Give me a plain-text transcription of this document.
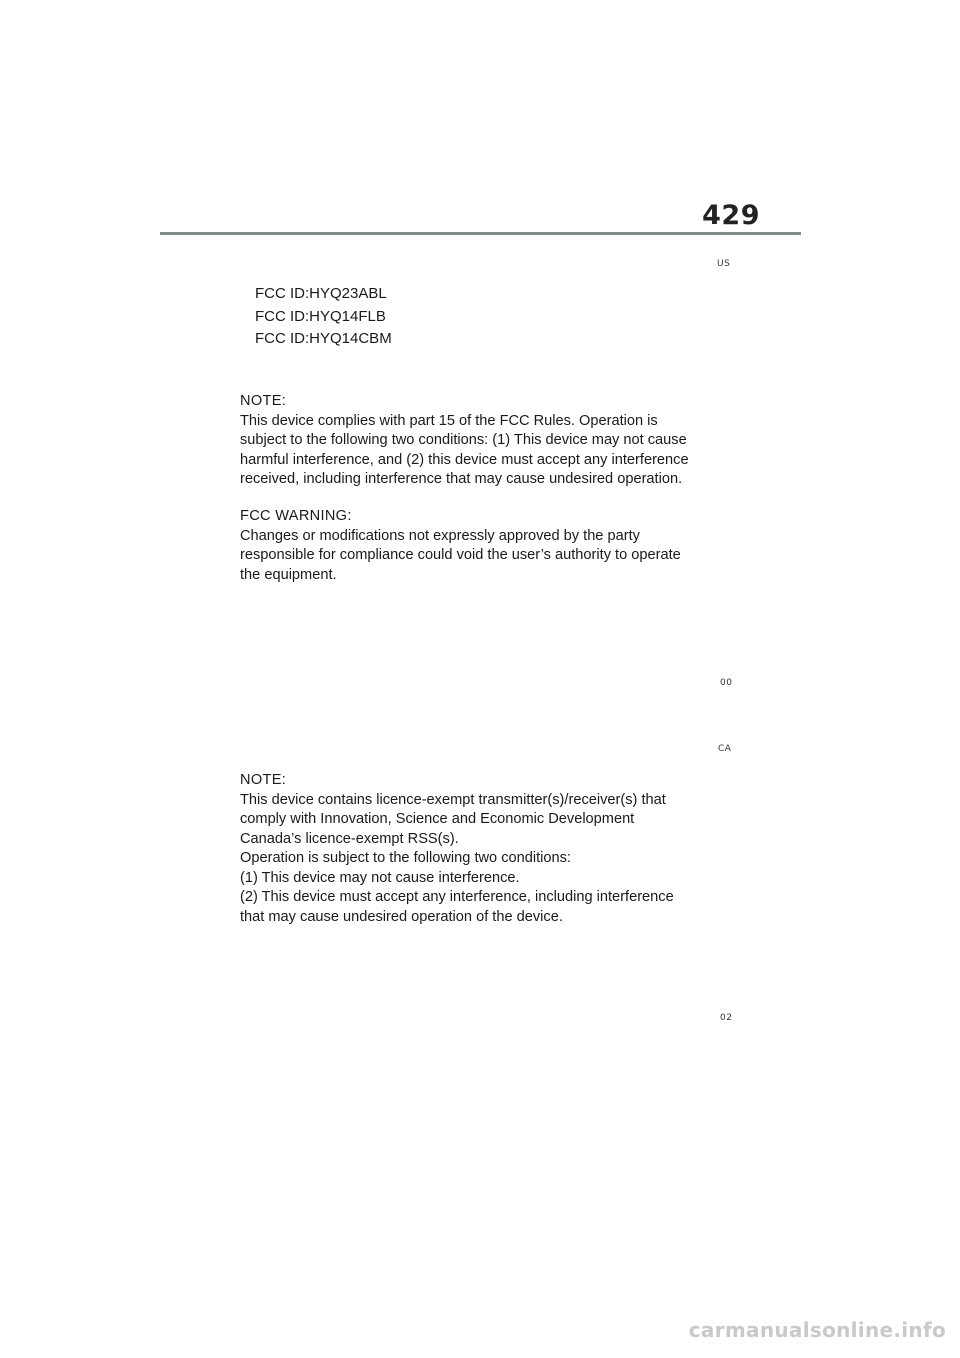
429
US
FCC ID:HYQ23ABL
FCC ID:HYQ14FLB
FCC ID:HYQ14CBM

NOTE:

This device complies with part 15 of the FCC Rules. Operation is

subject to the following two conditions: (1) This device may not cause

harmful interference, and (2) this device must accept any interference

received, including interference that may cause undesired operation.

FCC WARNING:

Changes or modifications not expressly approved by the party

responsible for compliance could void the user’s authority to operate

the equipment.

00
CA

NOTE:

This device contains licence-exempt transmitter(s)/receiver(s) that

comply with Innovation, Science and Economic Development

Canada’s licence-exempt RSS(s).

Operation is subject to the following two conditions:

(1) This device may not cause interference.

(2) This device must accept any interference, including interference

that may cause undesired operation of the device.

02
carmanualsonline.info
